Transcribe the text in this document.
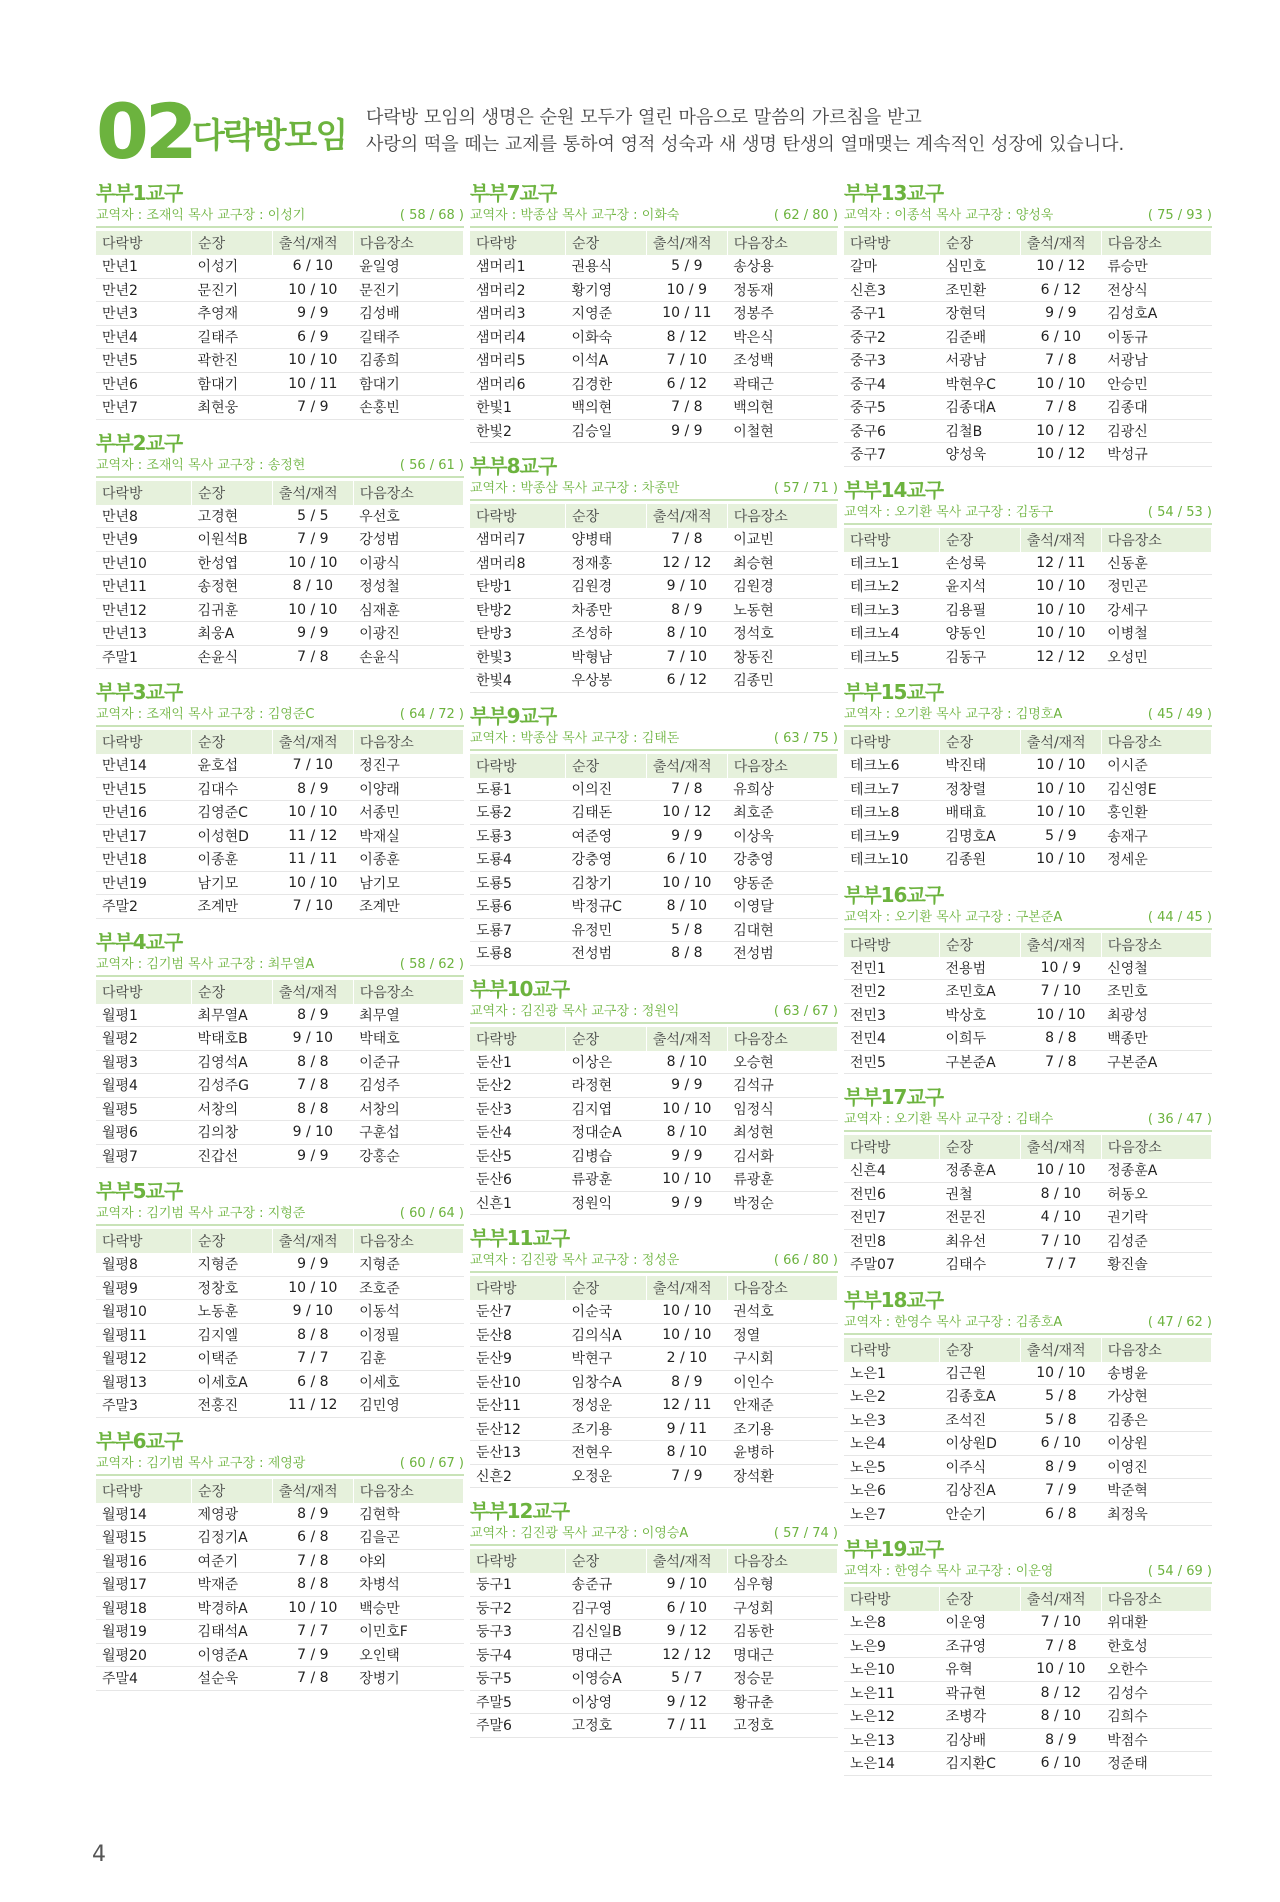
02
다락방모임 다락방 모임의 생명은 순원 모두가 열린 마음으로 말씀의 가르침을 받고
사랑의 떡을 떼는 교제를 통하여 영적 성숙과 새 생명 탄생의 열매맺는 계속적인 성장에 있습니다.
부부1교구
교역자 : 조재익 목사 교구장 : 이성기	( 58 / 68 )
다락방	순장	출석/재적	다음장소
만년1	이성기	6 / 10	윤일영
만년2	문진기	10 / 10	문진기
만년3	추영재	9 / 9	김성배
만년4	길태주	6 / 9	길태주
만년5	곽한진	10 / 10	김종희
만년6	함대기	10 / 11	함대기
만년7	최현웅	7 / 9	손홍빈
부부2교구
교역자 : 조재익 목사 교구장 : 송정현	( 56 / 61 )
다락방	순장	출석/재적	다음장소
만년8	고경현	5 / 5	우선호
만년9	이원석B	7 / 9	강성범
만년10	한성엽	10 / 10	이광식
만년11	송정현	8 / 10	정성철
만년12	김귀훈	10 / 10	심재훈
만년13	최웅A	9 / 9	이광진
주말1	손윤식	7 / 8	손윤식
부부3교구
교역자 : 조재익 목사 교구장 : 김영준C	( 64 / 72 )
다락방	순장	출석/재적	다음장소
만년14	윤호섭	7 / 10	정진구
만년15	김대수	8 / 9	이양래
만년16	김영준C	10 / 10	서종민
만년17	이성현D	11 / 12	박재실
만년18	이종훈	11 / 11	이종훈
만년19	남기모	10 / 10	남기모
주말2	조계만	7 / 10	조계만
부부4교구
교역자 : 김기범 목사 교구장 : 최무열A	( 58 / 62 )
다락방	순장	출석/재적	다음장소
월평1	최무열A	8 / 9	최무열
월평2	박태호B	9 / 10	박태호
월평3	김영석A	8 / 8	이준규
월평4	김성주G	7 / 8	김성주
월평5	서창의	8 / 8	서창의
월평6	김의창	9 / 10	구훈섭
월평7	진갑선	9 / 9	강홍순
부부5교구
교역자 : 김기범 목사 교구장 : 지형준	( 60 / 64 )
다락방	순장	출석/재적	다음장소
월평8	지형준	9 / 9	지형준
월평9	정창호	10 / 10	조호준
월평10	노동훈	9 / 10	이동석
월평11	김지엘	8 / 8	이정필
월평12	이택준	7 / 7	김훈
월평13	이세호A	6 / 8	이세호
주말3	전홍진	11 / 12	김민영
부부6교구
교역자 : 김기범 목사 교구장 : 제영광	( 60 / 67 )
다락방	순장	출석/재적	다음장소
월평14	제영광	8 / 9	김현학
월평15	김정기A	6 / 8	김을곤
월평16	여준기	7 / 8	야외
월평17	박재준	8 / 8	차병석
월평18	박경하A	10 / 10	백승만
월평19	김태석A	7 / 7	이민호F
월평20	이영준A	7 / 9	오인택
주말4	설순욱	7 / 8	장병기
부부7교구
교역자 : 박종삼 목사 교구장 : 이화숙	( 62 / 80 )
다락방	순장	출석/재적	다음장소
샘머리1	권용식	5 / 9	송상용
샘머리2	황기영	10 / 9	정동재
샘머리3	지영준	10 / 11	정봉주
샘머리4	이화숙	8 / 12	박은식
샘머리5	이석A	7 / 10	조성백
샘머리6	김경한	6 / 12	곽태근
한빛1	백의현	7 / 8	백의현
한빛2	김승일	9 / 9	이철현
부부8교구
교역자 : 박종삼 목사 교구장 : 차종만	( 57 / 71 )
다락방	순장	출석/재적	다음장소
샘머리7	양병태	7 / 8	이교빈
샘머리8	정재홍	12 / 12	최승현
탄방1	김원경	9 / 10	김원경
탄방2	차종만	8 / 9	노동현
탄방3	조성하	8 / 10	정석호
한빛3	박형남	7 / 10	창동진
한빛4	우상봉	6 / 12	김종민
부부9교구
교역자 : 박종삼 목사 교구장 : 김태돈	( 63 / 75 )
다락방	순장	출석/재적	다음장소
도룡1	이의진	7 / 8	유희상
도룡2	김태돈	10 / 12	최호준
도룡3	여준영	9 / 9	이상욱
도룡4	강충영	6 / 10	강충영
도룡5	김창기	10 / 10	양동준
도룡6	박정규C	8 / 10	이영달
도룡7	유정민	5 / 8	김대현
도룡8	전성범	8 / 8	전성범
부부10교구
교역자 : 김진광 목사 교구장 : 정원익	( 63 / 67 )
다락방	순장	출석/재적	다음장소
둔산1	이상은	8 / 10	오승현
둔산2	라정현	9 / 9	김석규
둔산3	김지엽	10 / 10	임정식
둔산4	정대순A	8 / 10	최성현
둔산5	김병습	9 / 9	김서화
둔산6	류광훈	10 / 10	류광훈
신흔1	정원익	9 / 9	박정순
부부11교구
교역자 : 김진광 목사 교구장 : 정성운	( 66 / 80 )
다락방	순장	출석/재적	다음장소
둔산7	이순국	10 / 10	권석호
둔산8	김의식A	10 / 10	정열
둔산9	박현구	2 / 10	구시회
둔산10	임창수A	8 / 9	이인수
둔산11	정성운	12 / 11	안재준
둔산12	조기용	9 / 11	조기용
둔산13	전현우	8 / 10	윤병하
신흔2	오정운	7 / 9	장석환
부부12교구
교역자 : 김진광 목사 교구장 : 이영승A	( 57 / 74 )
다락방	순장	출석/재적	다음장소
둥구1	송준규	9 / 10	심우형
둥구2	김구영	6 / 10	구성회
둥구3	김신일B	9 / 12	김동한
둥구4	명대근	12 / 12	명대근
둥구5	이영승A	5 / 7	정승문
주말5	이상영	9 / 12	황규춘
주말6	고정호	7 / 11	고정호
부부13교구
교역자 : 이종석 목사 교구장 : 양성욱	( 75 / 93 )
다락방	순장	출석/재적	다음장소
갈마	심민호	10 / 12	류승만
신흔3	조민환	6 / 12	전상식
중구1	장현덕	9 / 9	김성호A
중구2	김준배	6 / 10	이동규
중구3	서광남	7 / 8	서광남
중구4	박현우C	10 / 10	안승민
중구5	김종대A	7 / 8	김종대
중구6	김철B	10 / 12	김광신
중구7	양성욱	10 / 12	박성규
부부14교구
교역자 : 오기환 목사 교구장 : 김동구	( 54 / 53 )
다락방	순장	출석/재적	다음장소
테크노1	손성룩	12 / 11	신동훈
테크노2	윤지석	10 / 10	정민곤
테크노3	김용필	10 / 10	강세구
테크노4	양동인	10 / 10	이병철
테크노5	김동구	12 / 12	오성민
부부15교구
교역자 : 오기환 목사 교구장 : 김명호A	( 45 / 49 )
다락방	순장	출석/재적	다음장소
테크노6	박진태	10 / 10	이시준
테크노7	정창렬	10 / 10	김신영E
테크노8	배태효	10 / 10	홍인환
테크노9	김명호A	5 / 9	송재구
테크노10	김종원	10 / 10	정세운
부부16교구
교역자 : 오기환 목사 교구장 : 구본준A	( 44 / 45 )
다락방	순장	출석/재적	다음장소
전민1	전용범	10 / 9	신영철
전민2	조민호A	7 / 10	조민호
전민3	박상호	10 / 10	최광성
전민4	이희두	8 / 8	백종만
전민5	구본준A	7 / 8	구본준A
부부17교구
교역자 : 오기환 목사 교구장 : 김태수	( 36 / 47 )
다락방	순장	출석/재적	다음장소
신흔4	정종훈A	10 / 10	정종훈A
전민6	권철	8 / 10	허동오
전민7	전문진	4 / 10	권기락
전민8	최유선	7 / 10	김성준
주말07	김태수	7 / 7	황진솔
부부18교구
교역자 : 한영수 목사 교구장 : 김종호A	( 47 / 62 )
다락방	순장	출석/재적	다음장소
노은1	김근원	10 / 10	송병윤
노은2	김종호A	5 / 8	가상현
노은3	조석진	5 / 8	김종은
노은4	이상원D	6 / 10	이상원
노은5	이주식	8 / 9	이영진
노은6	김상진A	7 / 9	박준혁
노은7	안순기	6 / 8	최정욱
부부19교구
교역자 : 한영수 목사 교구장 : 이운영	( 54 / 69 )
다락방	순장	출석/재적	다음장소
노은8	이운영	7 / 10	위대환
노은9	조규영	7 / 8	한호성
노은10	유혁	10 / 10	오한수
노은11	곽규현	8 / 12	김성수
노은12	조병각	8 / 10	김희수
노은13	김상배	8 / 9	박점수
노은14	김지환C	6 / 10	정준태
4
